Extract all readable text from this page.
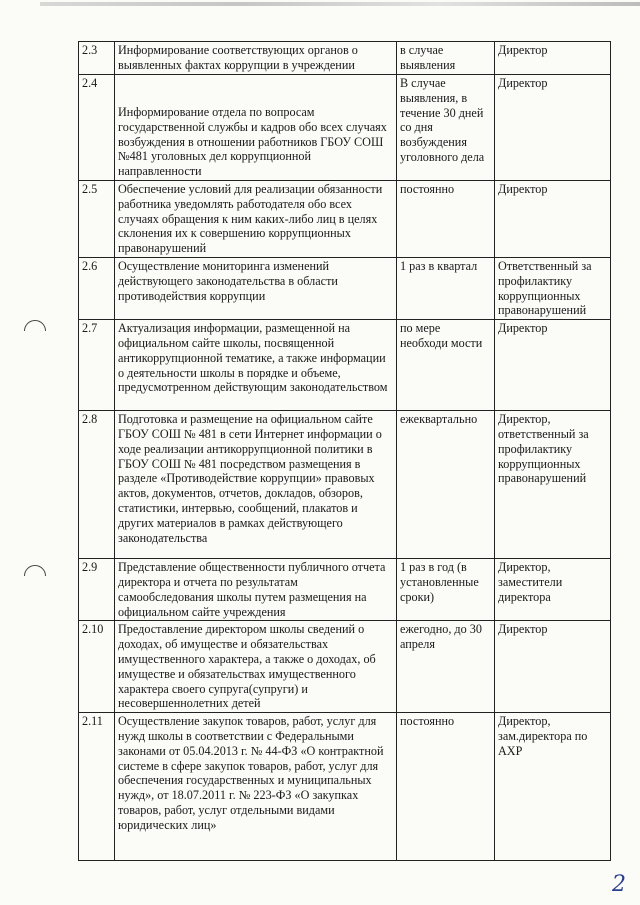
2.3	Информирование соответствующих органов о выявленных фактах коррупции в учреждении	в случае выявления	Директор
2.4	Информирование отдела по вопросам государственной службы и кадров обо всех случаях возбуждения в отношении работников ГБОУ СОШ №481 уголовных дел коррупционной направленности	В случае выявления, в течение 30 дней со дня возбуждения уголовного дела	Директор
2.5	Обеспечение условий для реализации обязанности работника уведомлять работодателя обо всех случаях обращения к ним каких-либо лиц в целях склонения их к совершению коррупционных правонарушений	постоянно	Директор
2.6	Осуществление мониторинга изменений действующего законодательства в области противодействия коррупции	1 раз в квартал	Ответственный за профилактику коррупционных правонарушений
2.7	Актуализация информации, размещенной на официальном сайте школы, посвященной антикоррупционной тематике, а также информации о деятельности школы в порядке и объеме, предусмотренном действующим законодательством	по мере необходи мости	Директор
2.8	Подготовка и размещение на официальном сайте ГБОУ СОШ № 481 в сети Интернет информации о ходе реализации антикоррупционной политики в ГБОУ СОШ № 481 посредством размещения в разделе «Противодействие коррупции» правовых актов, документов, отчетов, докладов, обзоров, статистики, интервью, сообщений, плакатов и других материалов в рамках действующего законодательства	ежеквартально	Директор, ответственный за профилактику коррупционных правонарушений
2.9	Представление общественности публичного отчета директора и отчета по результатам самообследования школы путем размещения на официальном сайте учреждения	1 раз в год (в установленные сроки)	Директор, заместители директора
2.10	Предоставление директором школы сведений о доходах, об имуществе и обязательствах имущественного характера, а также о доходах, об имуществе и обязательствах имущественного характера своего супруга(супруги) и несовершеннолетних детей	ежегодно, до 30 апреля	Директор
2.11	Осуществление закупок товаров, работ, услуг для нужд школы в соответствии с Федеральными законами от 05.04.2013 г. № 44-ФЗ «О контрактной системе в сфере закупок товаров, работ, услуг для обеспечения государственных и муниципальных нужд», от 18.07.2011 г. № 223-ФЗ «О закупках товаров, работ, услуг отдельными видами юридических лиц»	постоянно	Директор, зам.директора по АХР
2
